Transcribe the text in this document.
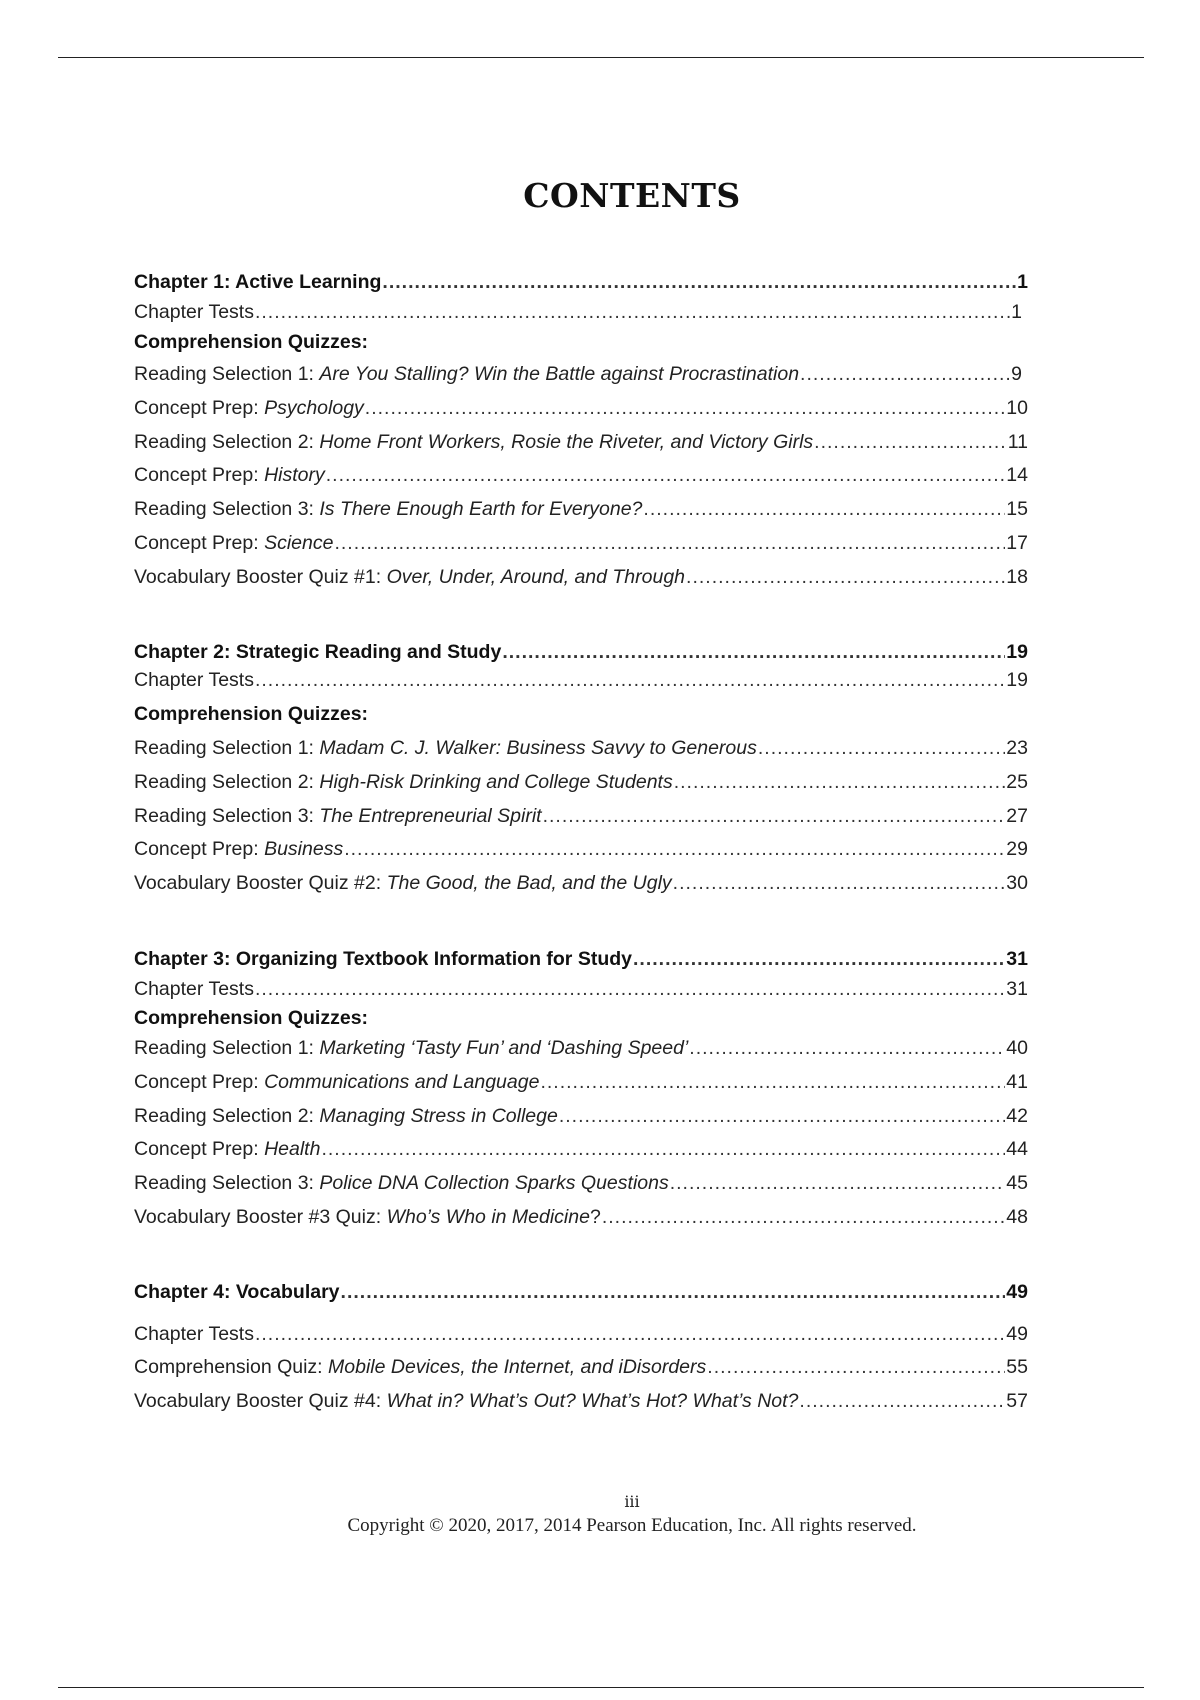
CONTENTS
Chapter 1: Active Learning .....	1
Chapter Tests .....	1
Comprehension Quizzes:
Reading Selection 1: Are You Stalling? Win the Battle against Procrastination .....	9
Concept Prep: Psychology .....	10
Reading Selection 2: Home Front Workers, Rosie the Riveter, and Victory Girls .....	11
Concept Prep: History .....	14
Reading Selection 3: Is There Enough Earth for Everyone? .....	15
Concept Prep: Science .....	17
Vocabulary Booster Quiz #1: Over, Under, Around, and Through .....	18
Chapter 2: Strategic Reading and Study .....	19
Chapter Tests .....	19
Comprehension Quizzes:
Reading Selection 1: Madam C. J. Walker: Business Savvy to Generous .....	23
Reading Selection 2: High-Risk Drinking and College Students .....	25
Reading Selection 3: The Entrepreneurial Spirit .....	27
Concept Prep: Business .....	29
Vocabulary Booster Quiz #2: The Good, the Bad, and the Ugly .....	30
Chapter 3: Organizing Textbook Information for Study .....	31
Chapter Tests .....	31
Comprehension Quizzes:
Reading Selection 1: Marketing ‘Tasty Fun’ and ‘Dashing Speed’ .....	40
Concept Prep: Communications and Language .....	41
Reading Selection 2: Managing Stress in College .....	42
Concept Prep: Health .....	44
Reading Selection 3: Police DNA Collection Sparks Questions .....	45
Vocabulary Booster #3 Quiz: Who’s Who in Medicine? .....	48
Chapter 4: Vocabulary .....	49
Chapter Tests .....	49
Comprehension Quiz: Mobile Devices, the Internet, and iDisorders .....	55
Vocabulary Booster Quiz #4: What in? What’s Out? What’s Hot? What’s Not? .....	57
iii
Copyright © 2020, 2017, 2014 Pearson Education, Inc. All rights reserved.
